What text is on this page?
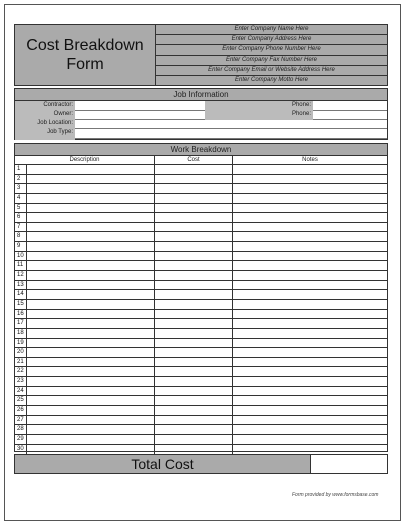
Cost Breakdown
Form
Enter Company Name Here
Enter Company Address Here
Enter Company Phone Number Here
Enter Company Fax Number Here
Enter Company Email or Website Address Here
Enter Company Motto Here
Job Information
Contractor:
Owner:
Job Location:
Job Type:
Phone:
Phone:
Work Breakdown
Description	Cost	Notes
1
2
3
4
5
6
7
8
9
10
11
12
13
14
15
16
17
18
19
20
21
22
23
24
25
26
27
28
29
30
Total Cost
Form provided by www.formsbase.com
